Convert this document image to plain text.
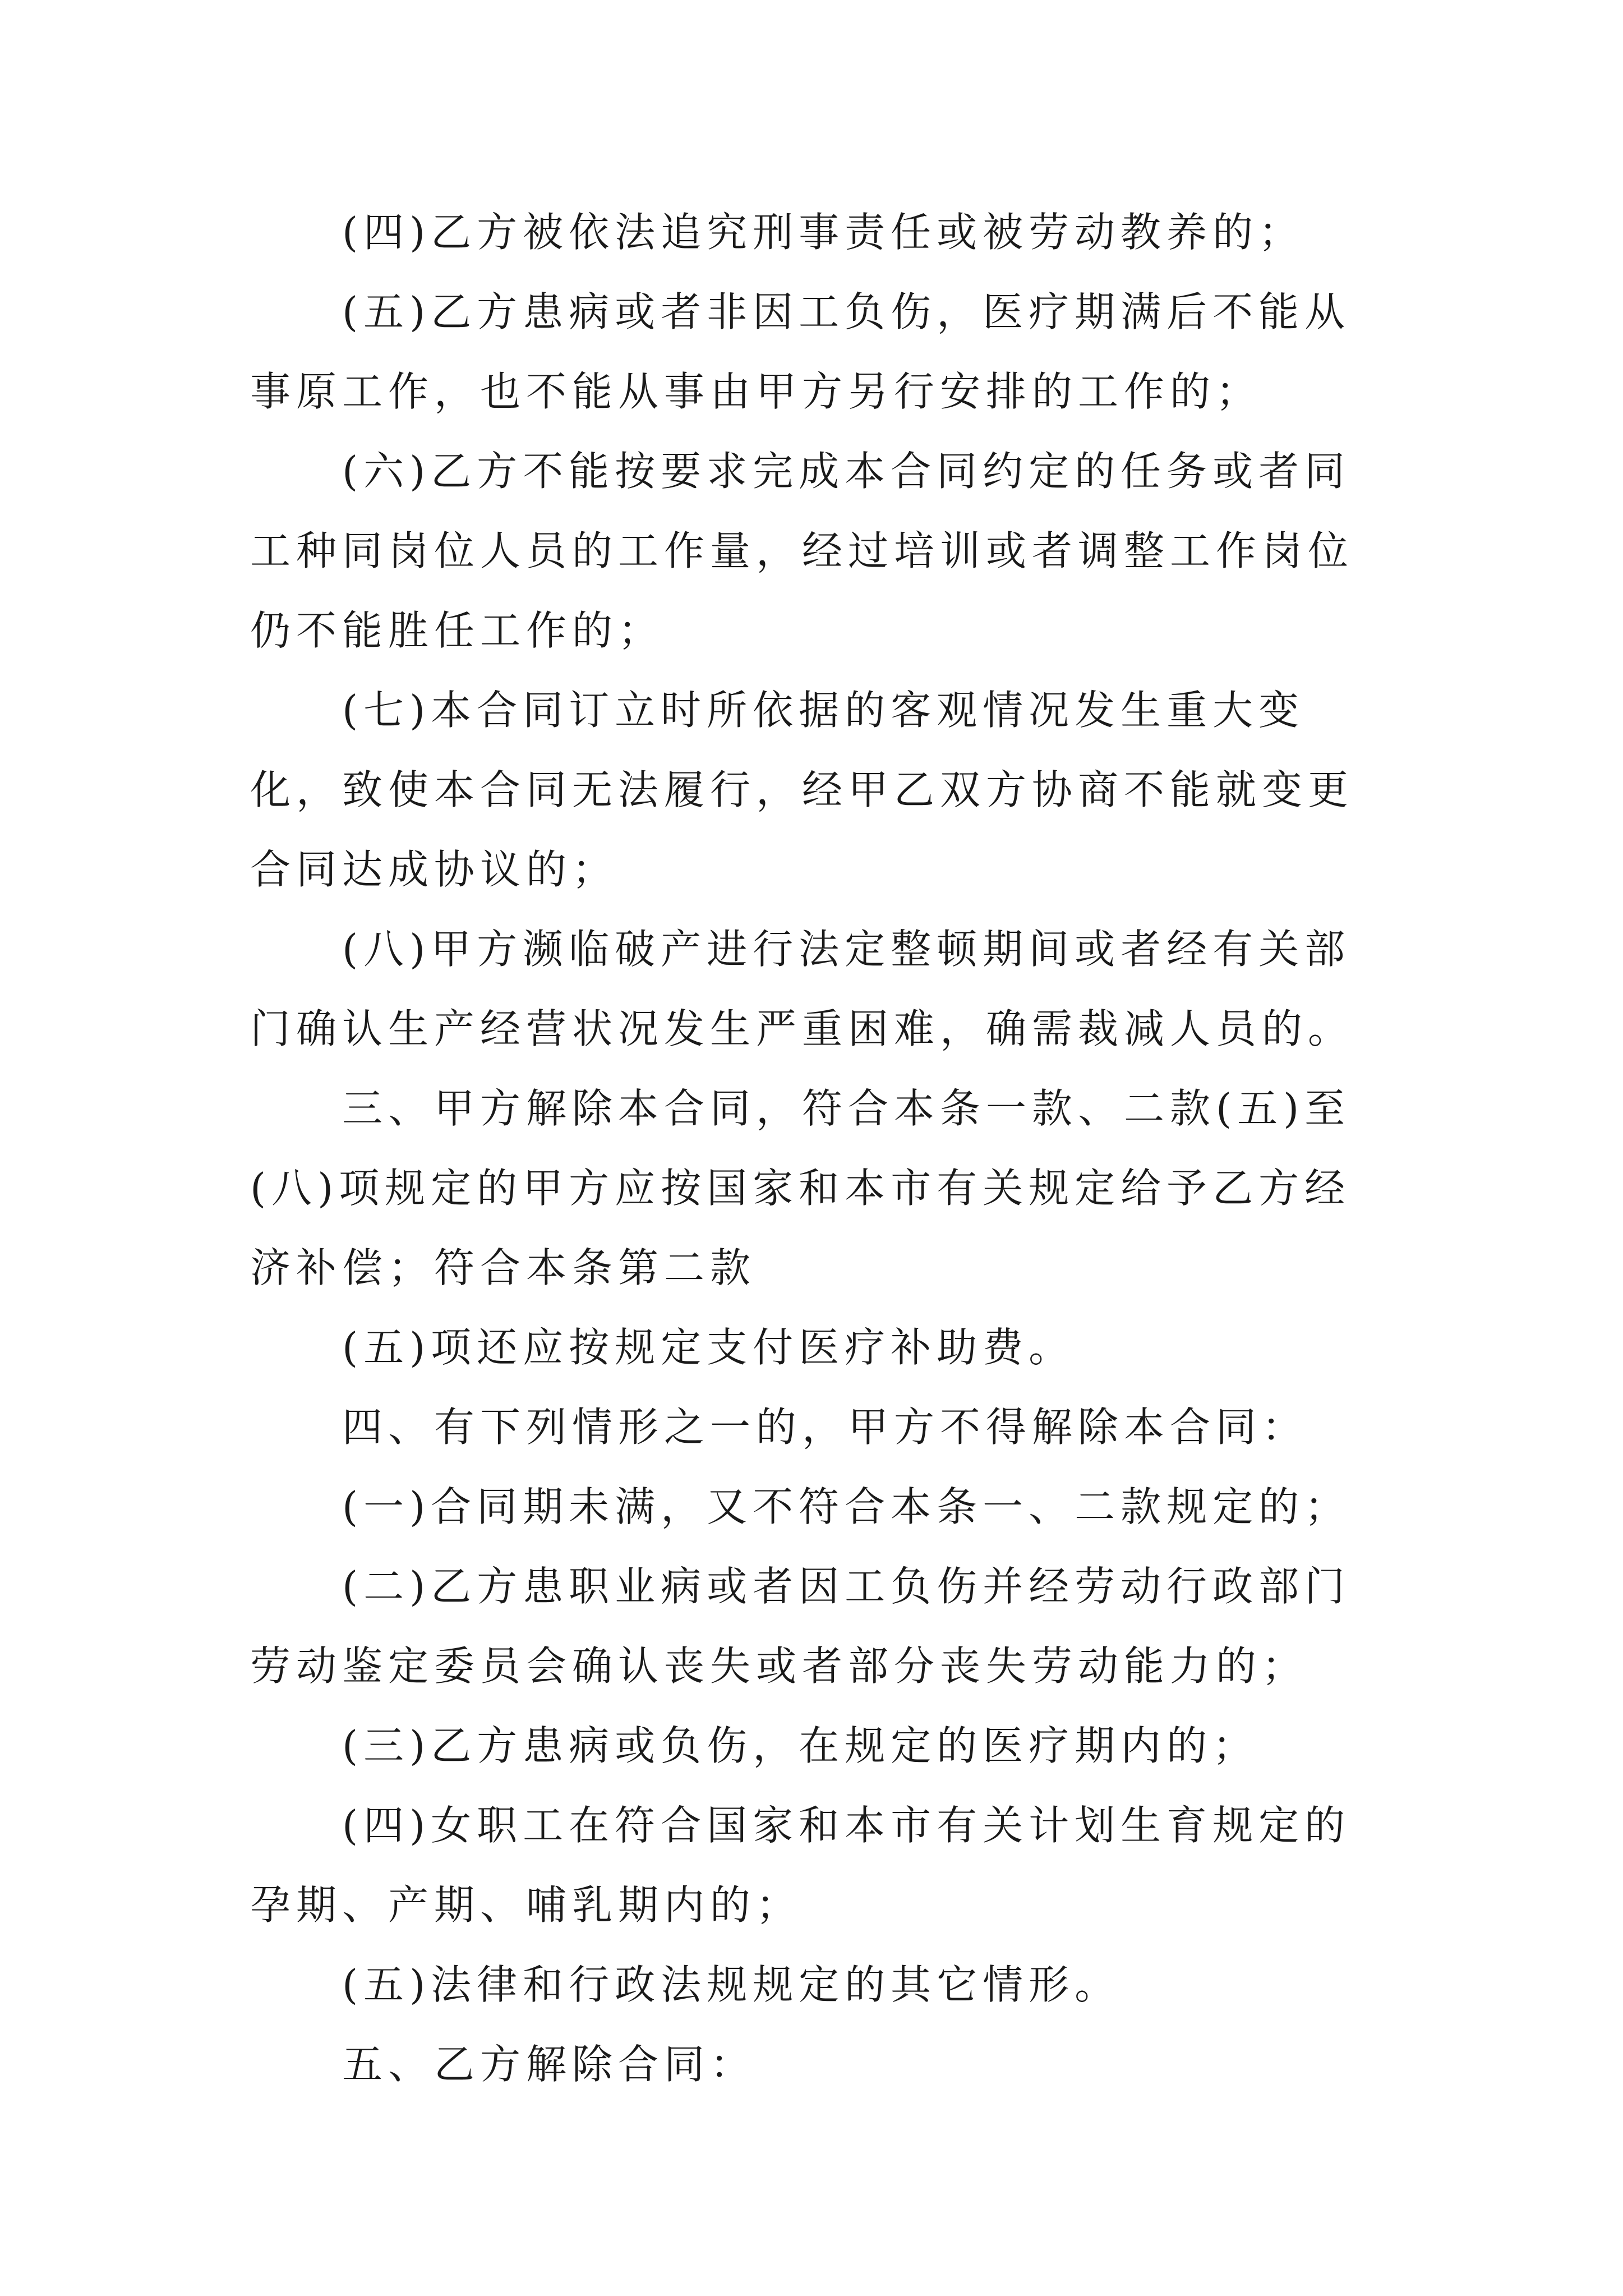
(四)乙方被依法追究刑事责任或被劳动教养的；

(五)乙方患病或者非因工负伤，医疗期满后不能从事原工作，也不能从事由甲方另行安排的工作的；

(六)乙方不能按要求完成本合同约定的任务或者同工种同岗位人员的工作量，经过培训或者调整工作岗位仍不能胜任工作的；

(七)本合同订立时所依据的客观情况发生重大变化，致使本合同无法履行，经甲乙双方协商不能就变更合同达成协议的；

(八)甲方濒临破产进行法定整顿期间或者经有关部门确认生产经营状况发生严重困难，确需裁减人员的。

三、甲方解除本合同，符合本条一款、二款(五)至(八)项规定的甲方应按国家和本市有关规定给予乙方经济补偿；符合本条第二款

(五)项还应按规定支付医疗补助费。

四、有下列情形之一的，甲方不得解除本合同：

(一)合同期未满，又不符合本条一、二款规定的；

(二)乙方患职业病或者因工负伤并经劳动行政部门劳动鉴定委员会确认丧失或者部分丧失劳动能力的；

(三)乙方患病或负伤，在规定的医疗期内的；

(四)女职工在符合国家和本市有关计划生育规定的孕期、产期、哺乳期内的；

(五)法律和行政法规规定的其它情形。

五、乙方解除合同：
